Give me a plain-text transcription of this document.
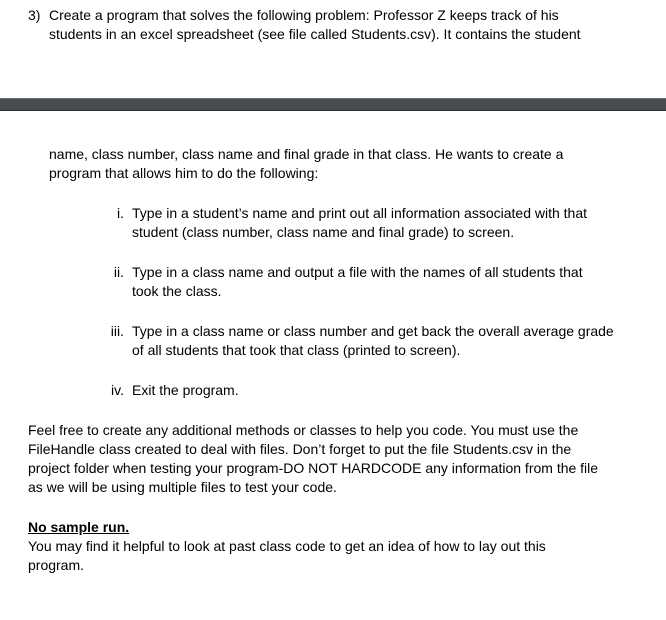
3) Create a program that solves the following problem: Professor Z keeps track of his
students in an excel spreadsheet (see file called Students.csv). It contains the student
name, class number, class name and final grade in that class. He wants to create a
program that allows him to do the following:
i. Type in a student’s name and print out all information associated with that
student (class number, class name and final grade) to screen.
ii. Type in a class name and output a file with the names of all students that
took the class.
iii. Type in a class name or class number and get back the overall average grade
of all students that took that class (printed to screen).
iv. Exit the program.
Feel free to create any additional methods or classes to help you code. You must use the
FileHandle class created to deal with files. Don’t forget to put the file Students.csv in the
project folder when testing your program-DO NOT HARDCODE any information from the file
as we will be using multiple files to test your code.
No sample run.
You may find it helpful to look at past class code to get an idea of how to lay out this
program.
